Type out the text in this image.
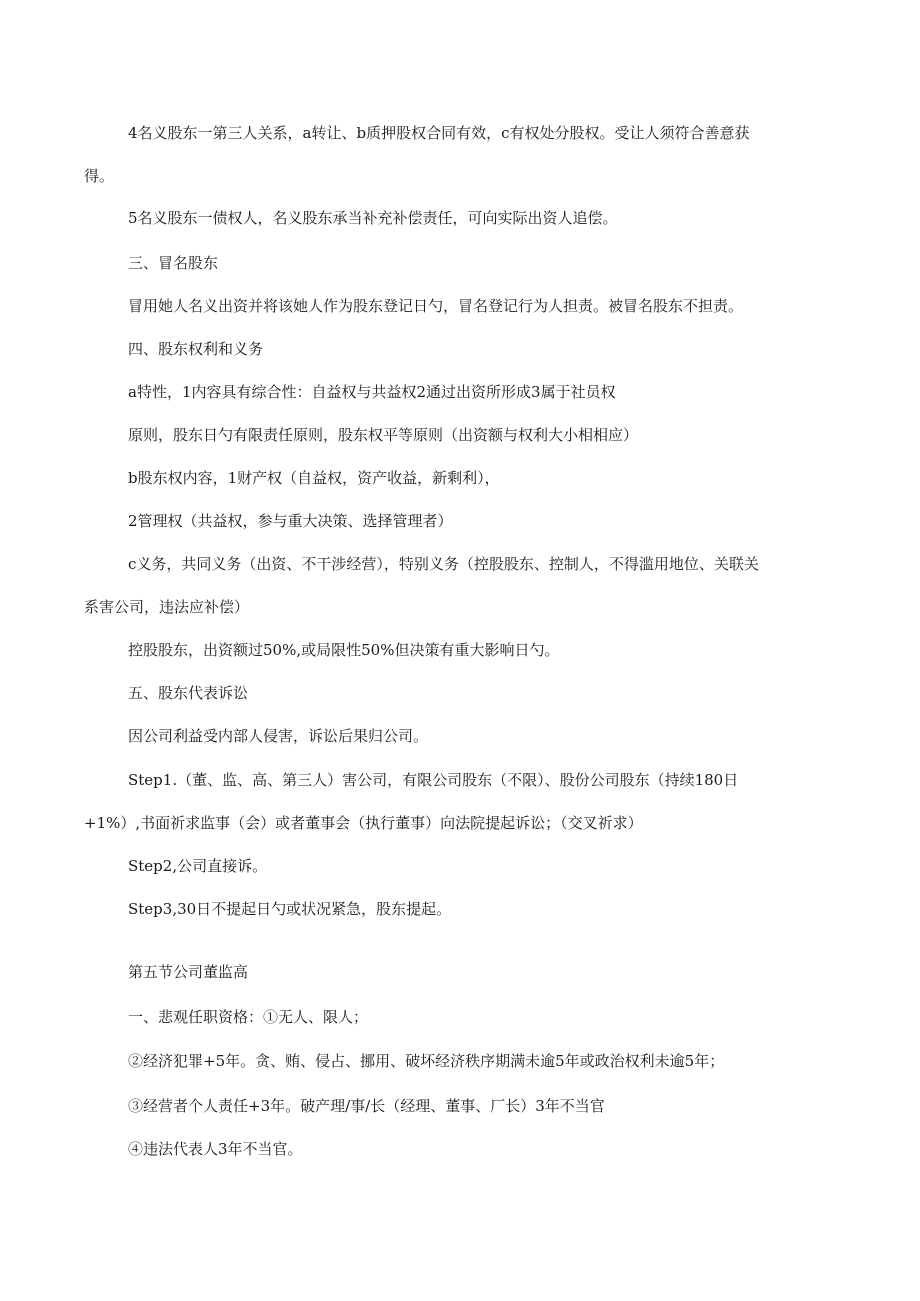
4名义股东一第三人关系，a转让、b质押股权合同有效，c有权处分股权。受让人须符合善意获
得。
5名义股东一债权人，名义股东承当补充补偿责任，可向实际出资人追偿。
三、冒名股东
冒用她人名义出资并将该她人作为股东登记日勺，冒名登记行为人担责。被冒名股东不担责。
四、股东权利和义务
a特性，1内容具有综合性：自益权与共益权2通过出资所形成3属于社员权
原则，股东日勺有限责任原则，股东权平等原则（出资额与权利大小相相应）
b股东权内容，1财产权（自益权，资产收益，新剩利），
2管理权（共益权，参与重大决策、选择管理者）
c义务，共同义务（出资、不干涉经营），特别义务（控股股东、控制人，不得滥用地位、关联关
系害公司，违法应补偿）
控股股东，出资额过50%,或局限性50%但决策有重大影响日勺。
五、股东代表诉讼
因公司利益受内部人侵害，诉讼后果归公司。
Step1.（董、监、高、第三人）害公司，有限公司股东（不限）、股份公司股东（持续180日
+1%）,书面祈求监事（会）或者董事会（执行董事）向法院提起诉讼；（交叉祈求）
Step2,公司直接诉。
Step3,30日不提起日勺或状况紧急，股东提起。
第五节公司董监高
一、悲观任职资格：①无人、限人；
②经济犯罪+5年。贪、贿、侵占、挪用、破坏经济秩序期满未逾5年或政治权利未逾5年；
③经营者个人责任+3年。破产理/事/长（经理、董事、厂长）3年不当官
④违法代表人3年不当官。
